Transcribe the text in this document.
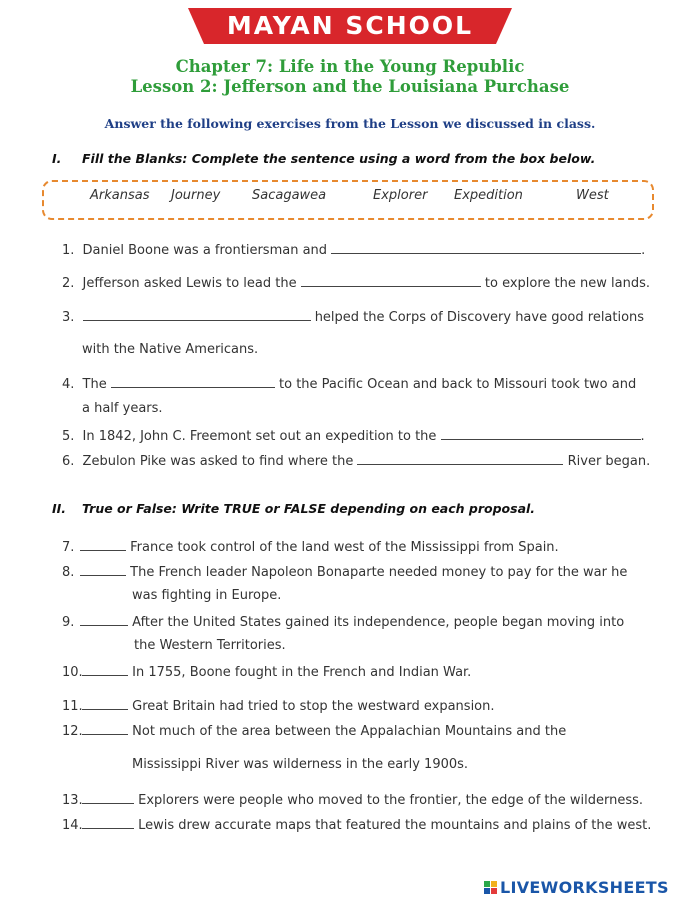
MAYAN SCHOOL
Chapter 7: Life in the Young Republic
Lesson 2: Jefferson and the Louisiana Purchase
Answer the following exercises from the Lesson we discussed in class.
I. Fill the Blanks: Complete the sentence using a word from the box below.
Arkansas Journey Sacagawea	Explorer Expedition	West
1. Daniel Boone was a frontiersman and	.
2. Jefferson asked Lewis to lead the	to explore the new lands.
3.	helped the Corps of Discovery have good relations
with the Native Americans.
4. The	to the Pacific Ocean and back to Missouri took two and
a half years.
5. In 1842, John C. Freemont set out an expedition to the	.
6. Zebulon Pike was asked to find where the	River began.
II. True or False: Write TRUE or FALSE depending on each proposal.
7.	France took control of the land west of the Mississippi from Spain.
8.	The French leader Napoleon Bonaparte needed money to pay for the war he
was fighting in Europe.
9.	After the United States gained its independence, people began moving into
the Western Territories.
10.	In 1755, Boone fought in the French and Indian War.
11.	Great Britain had tried to stop the westward expansion.
12.	Not much of the area between the Appalachian Mountains and the
Mississippi River was wilderness in the early 1900s.
13.	Explorers were people who moved to the frontier, the edge of the wilderness.
14.	Lewis drew accurate maps that featured the mountains and plains of the west.
LIVEWORKSHEETS
